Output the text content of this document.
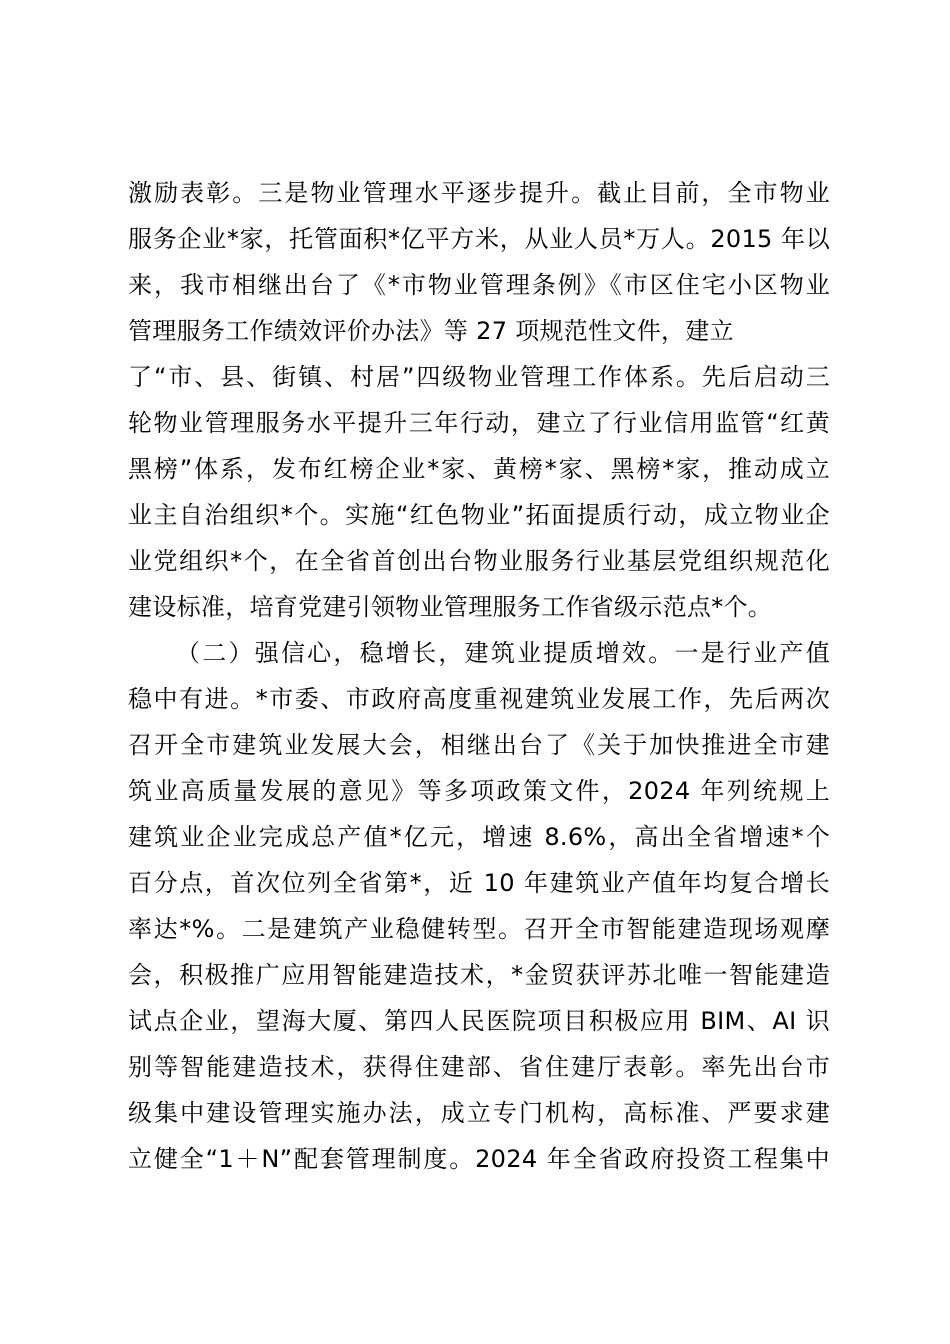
激励表彰。三是物业管理水平逐步提升。截止目前，全市物业
服务企业*家，托管面积*亿平方米，从业人员*万人。2015 年以
来，我市相继出台了《*市物业管理条例》《市区住宅小区物业
管理服务工作绩效评价办法》等 27 项规范性文件，建立
了“市、县、街镇、村居”四级物业管理工作体系。先后启动三
轮物业管理服务水平提升三年行动，建立了行业信用监管“红黄
黑榜”体系，发布红榜企业*家、黄榜*家、黑榜*家，推动成立
业主自治组织*个。实施“红色物业”拓面提质行动，成立物业企
业党组织*个，在全省首创出台物业服务行业基层党组织规范化
建设标准，培育党建引领物业管理服务工作省级示范点*个。
（二）强信心，稳增长，建筑业提质增效。一是行业产值
稳中有进。*市委、市政府高度重视建筑业发展工作，先后两次
召开全市建筑业发展大会，相继出台了《关于加快推进全市建
筑业高质量发展的意见》等多项政策文件，2024 年列统规上
建筑业企业完成总产值*亿元，增速 8.6%，高出全省增速*个
百分点，首次位列全省第*，近 10 年建筑业产值年均复合增长
率达*%。二是建筑产业稳健转型。召开全市智能建造现场观摩
会，积极推广应用智能建造技术，*金贸获评苏北唯一智能建造
试点企业，望海大厦、第四人民医院项目积极应用 BIM、AI 识
别等智能建造技术，获得住建部、省住建厅表彰。率先出台市
级集中建设管理实施办法，成立专门机构，高标准、严要求建
立健全“1＋N”配套管理制度。2024 年全省政府投资工程集中
